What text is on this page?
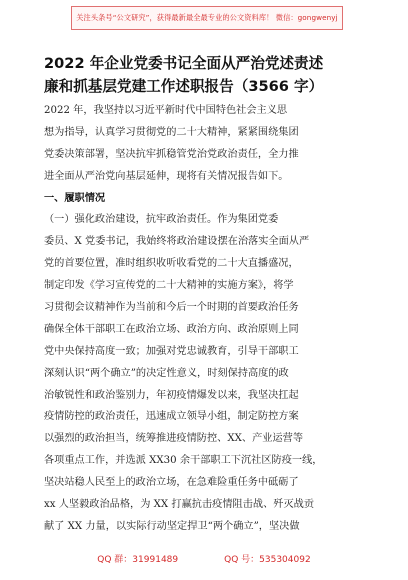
关注头条号“公文研究”，获得最新最全最专业的公文资料库！ 微信：gongwenyj
2022 年企业党委书记全面从严治党述责述
廉和抓基层党建工作述职报告（3566 字）
2022 年，我坚持以习近平新时代中国特色社会主义思
想为指导，认真学习贯彻党的二十大精神，紧紧围绕集团
党委决策部署，坚决抗牢抓稳管党治党政治责任，全力推
进全面从严治党向基层延伸，现将有关情况报告如下。
一、履职情况
（一）强化政治建设，抗牢政治责任。作为集团党委
委员、X 党委书记，我始终将政治建设摆在治落实全面从严
党的首要位置，准时组织收听收看党的二十大直播盛况，
制定印发《学习宣传党的二十大精神的实施方案》，将学
习贯彻会议精神作为当前和今后一个时期的首要政治任务
确保全体干部职工在政治立场、政治方向、政治原则上同
党中央保持高度一致；加强对党忠诚教育，引导干部职工
深刻认识“两个确立”的决定性意义，时刻保持高度的政
治敏锐性和政治鉴别力，年初疫情爆发以来，我坚决扛起
疫情防控的政治责任，迅速成立领导小组，制定防控方案
以强烈的政治担当，统筹推进疫情防控、XX、产业运营等
各项重点工作，并选派 XX30 余干部职工下沉社区防疫一线，
坚决站稳人民至上的政治立场，在急难险重任务中砥砺了
xx 人坚毅政治品格，为 XX 打赢抗击疫情阻击战、歼灭战贡
献了 XX 力量，以实际行动坚定捍卫“两个确立”，坚决做
QQ 群：31991489	QQ 号：535304092
